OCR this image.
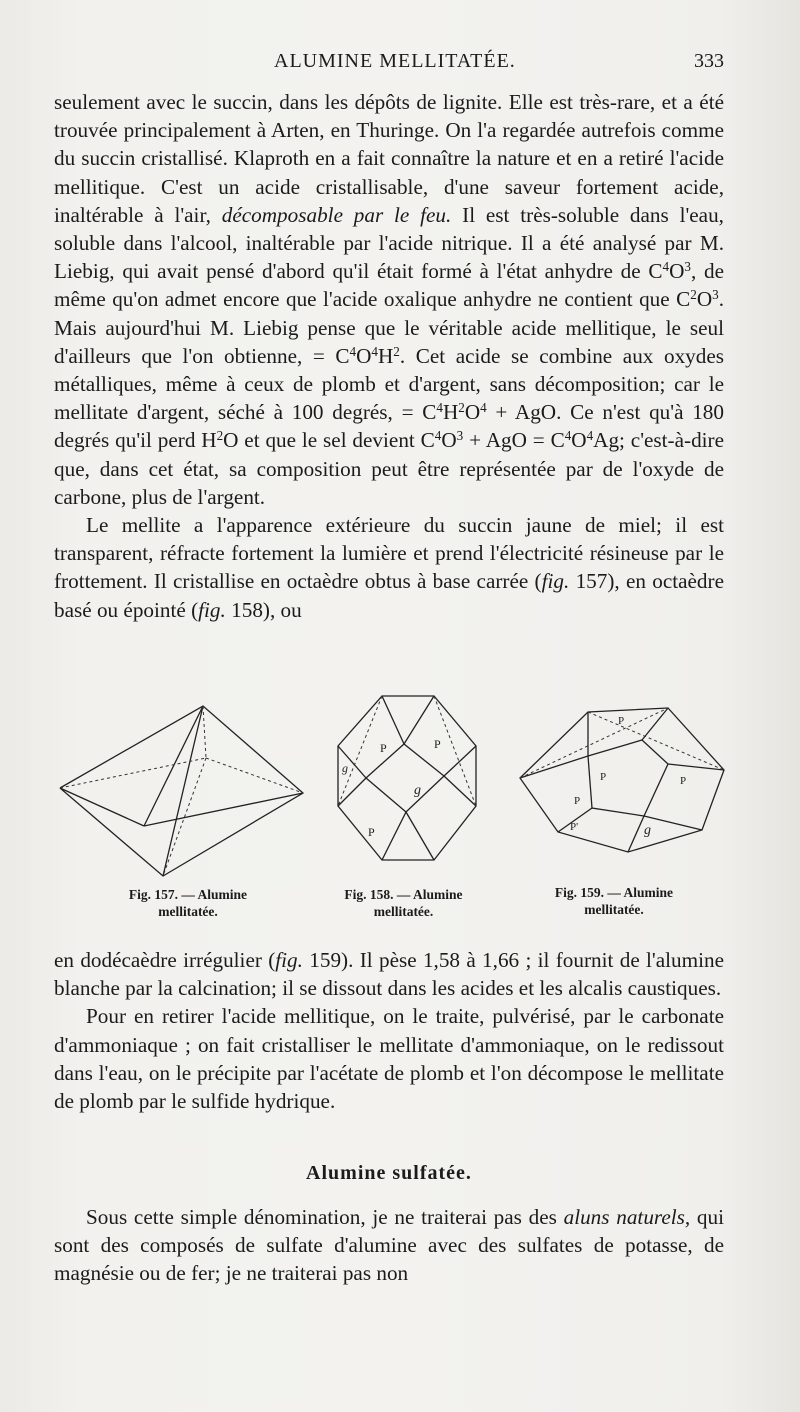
ALUMINE MELLITATÉE.	333

seulement avec le succin, dans les dépôts de lignite. Elle est très-rare, et a été trouvée principalement à Arten, en Thuringe. On l'a regardée autrefois comme du succin cristallisé. Klaproth en a fait connaître la nature et en a retiré l'acide mellitique. C'est un acide cristallisable, d'une saveur fortement acide, inaltérable à l'air, décomposable par le feu. Il est très-soluble dans l'eau, soluble dans l'alcool, inaltérable par l'acide nitrique. Il a été analysé par M. Liebig, qui avait pensé d'abord qu'il était formé à l'état anhydre de $C^4O^3$, de même qu'on admet encore que l'acide oxalique anhydre ne contient que $C^2O^3$. Mais aujourd'hui M. Liebig pense que le véritable acide mellitique, le seul d'ailleurs que l'on obtienne, = $C^4O^4H^2$. Cet acide se combine aux oxydes métalliques, même à ceux de plomb et d'argent, sans décomposition; car le mellitate d'argent, séché à 100 degrés, = $C^4H^2O^4$ + AgO. Ce n'est qu'à 180 degrés qu'il perd $H^2O$ et que le sel devient $C^4O^3$ + AgO = $C^4O^4Ag$; c'est-à-dire que, dans cet état, sa composition peut être représentée par de l'oxyde de carbone, plus de l'argent.

Le mellite a l'apparence extérieure du succin jaune de miel; il est transparent, réfracte fortement la lumière et prend l'électricité résineuse par le frottement. Il cristallise en octaèdre obtus à base carrée (fig. 157), en octaèdre basé ou épointé (fig. 158), ou

Fig. 157. — Alumine
mellitatée.
P	P
g
g
P
Fig. 158. — Alumine
mellitatée.
P
P	P
g
P'
P
Fig. 159. — Alumine
mellitatée.

en dodécaèdre irrégulier (fig. 159). Il pèse 1,58 à 1,66 ; il fournit de l'alumine blanche par la calcination; il se dissout dans les acides et les alcalis caustiques.

Pour en retirer l'acide mellitique, on le traite, pulvérisé, par le carbonate d'ammoniaque ; on fait cristalliser le mellitate d'ammoniaque, on le redissout dans l'eau, on le précipite par l'acétate de plomb et l'on décompose le mellitate de plomb par le sulfide hydrique.

Alumine sulfatée.

Sous cette simple dénomination, je ne traiterai pas des aluns naturels, qui sont des composés de sulfate d'alumine avec des sulfates de potasse, de magnésie ou de fer; je ne traiterai pas non
